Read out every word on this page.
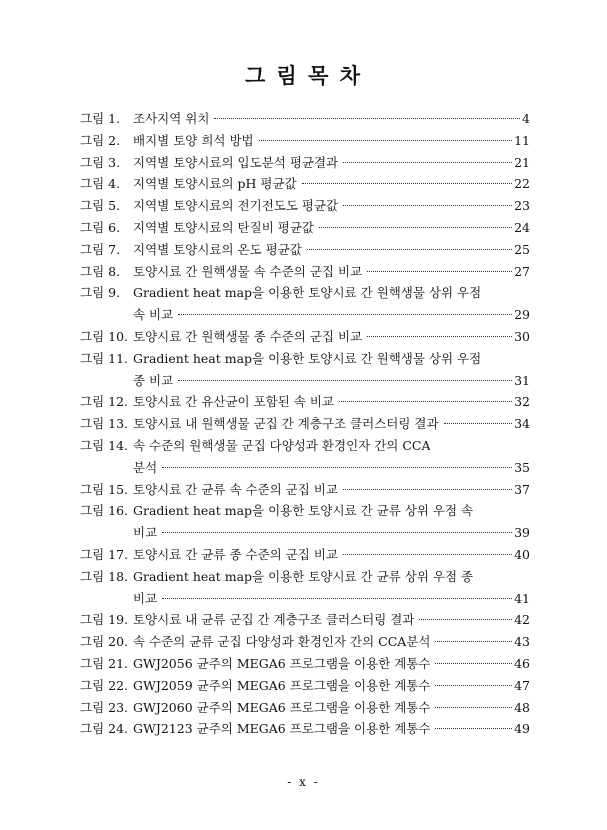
그 림 목 차
그림 1.	조사지역 위치	4
그림 2.	배지별 토양 희석 방법	11
그림 3.	지역별 토양시료의 입도분석 평균결과	21
그림 4.	지역별 토양시료의 pH 평균값	22
그림 5.	지역별 토양시료의 전기전도도 평균값	23
그림 6.	지역별 토양시료의 탄질비 평균값	24
그림 7.	지역별 토양시료의 온도 평균값	25
그림 8.	토양시료 간 원핵생물 속 수준의 군집 비교	27
그림 9.	Gradient heat map을 이용한 토양시료 간 원핵생물 상위 우점
속 비교	29
그림 10. 토양시료 간 원핵생물 종 수준의 군집 비교	30
그림 11. Gradient heat map을 이용한 토양시료 간 원핵생물 상위 우점
종 비교	31
그림 12. 토양시료 간 유산균이 포함된 속 비교	32
그림 13. 토양시료 내 원핵생물 군집 간 계층구조 클러스터링 결과	34
그림 14. 속 수준의 원핵생물 군집 다양성과 환경인자 간의 CCA
분석	35
그림 15. 토양시료 간 균류 속 수준의 군집 비교	37
그림 16. Gradient heat map을 이용한 토양시료 간 균류 상위 우점 속
비교	39
그림 17. 토양시료 간 균류 종 수준의 군집 비교	40
그림 18. Gradient heat map을 이용한 토양시료 간 균류 상위 우점 종
비교	41
그림 19. 토양시료 내 균류 군집 간 계층구조 클러스터링 결과	42
그림 20. 속 수준의 균류 군집 다양성과 환경인자 간의 CCA분석	43
그림 21. GWJ2056 균주의 MEGA6 프로그램을 이용한 계통수	46
그림 22. GWJ2059 균주의 MEGA6 프로그램을 이용한 계통수	47
그림 23. GWJ2060 균주의 MEGA6 프로그램을 이용한 계통수	48
그림 24. GWJ2123 균주의 MEGA6 프로그램을 이용한 계통수	49
- x -
